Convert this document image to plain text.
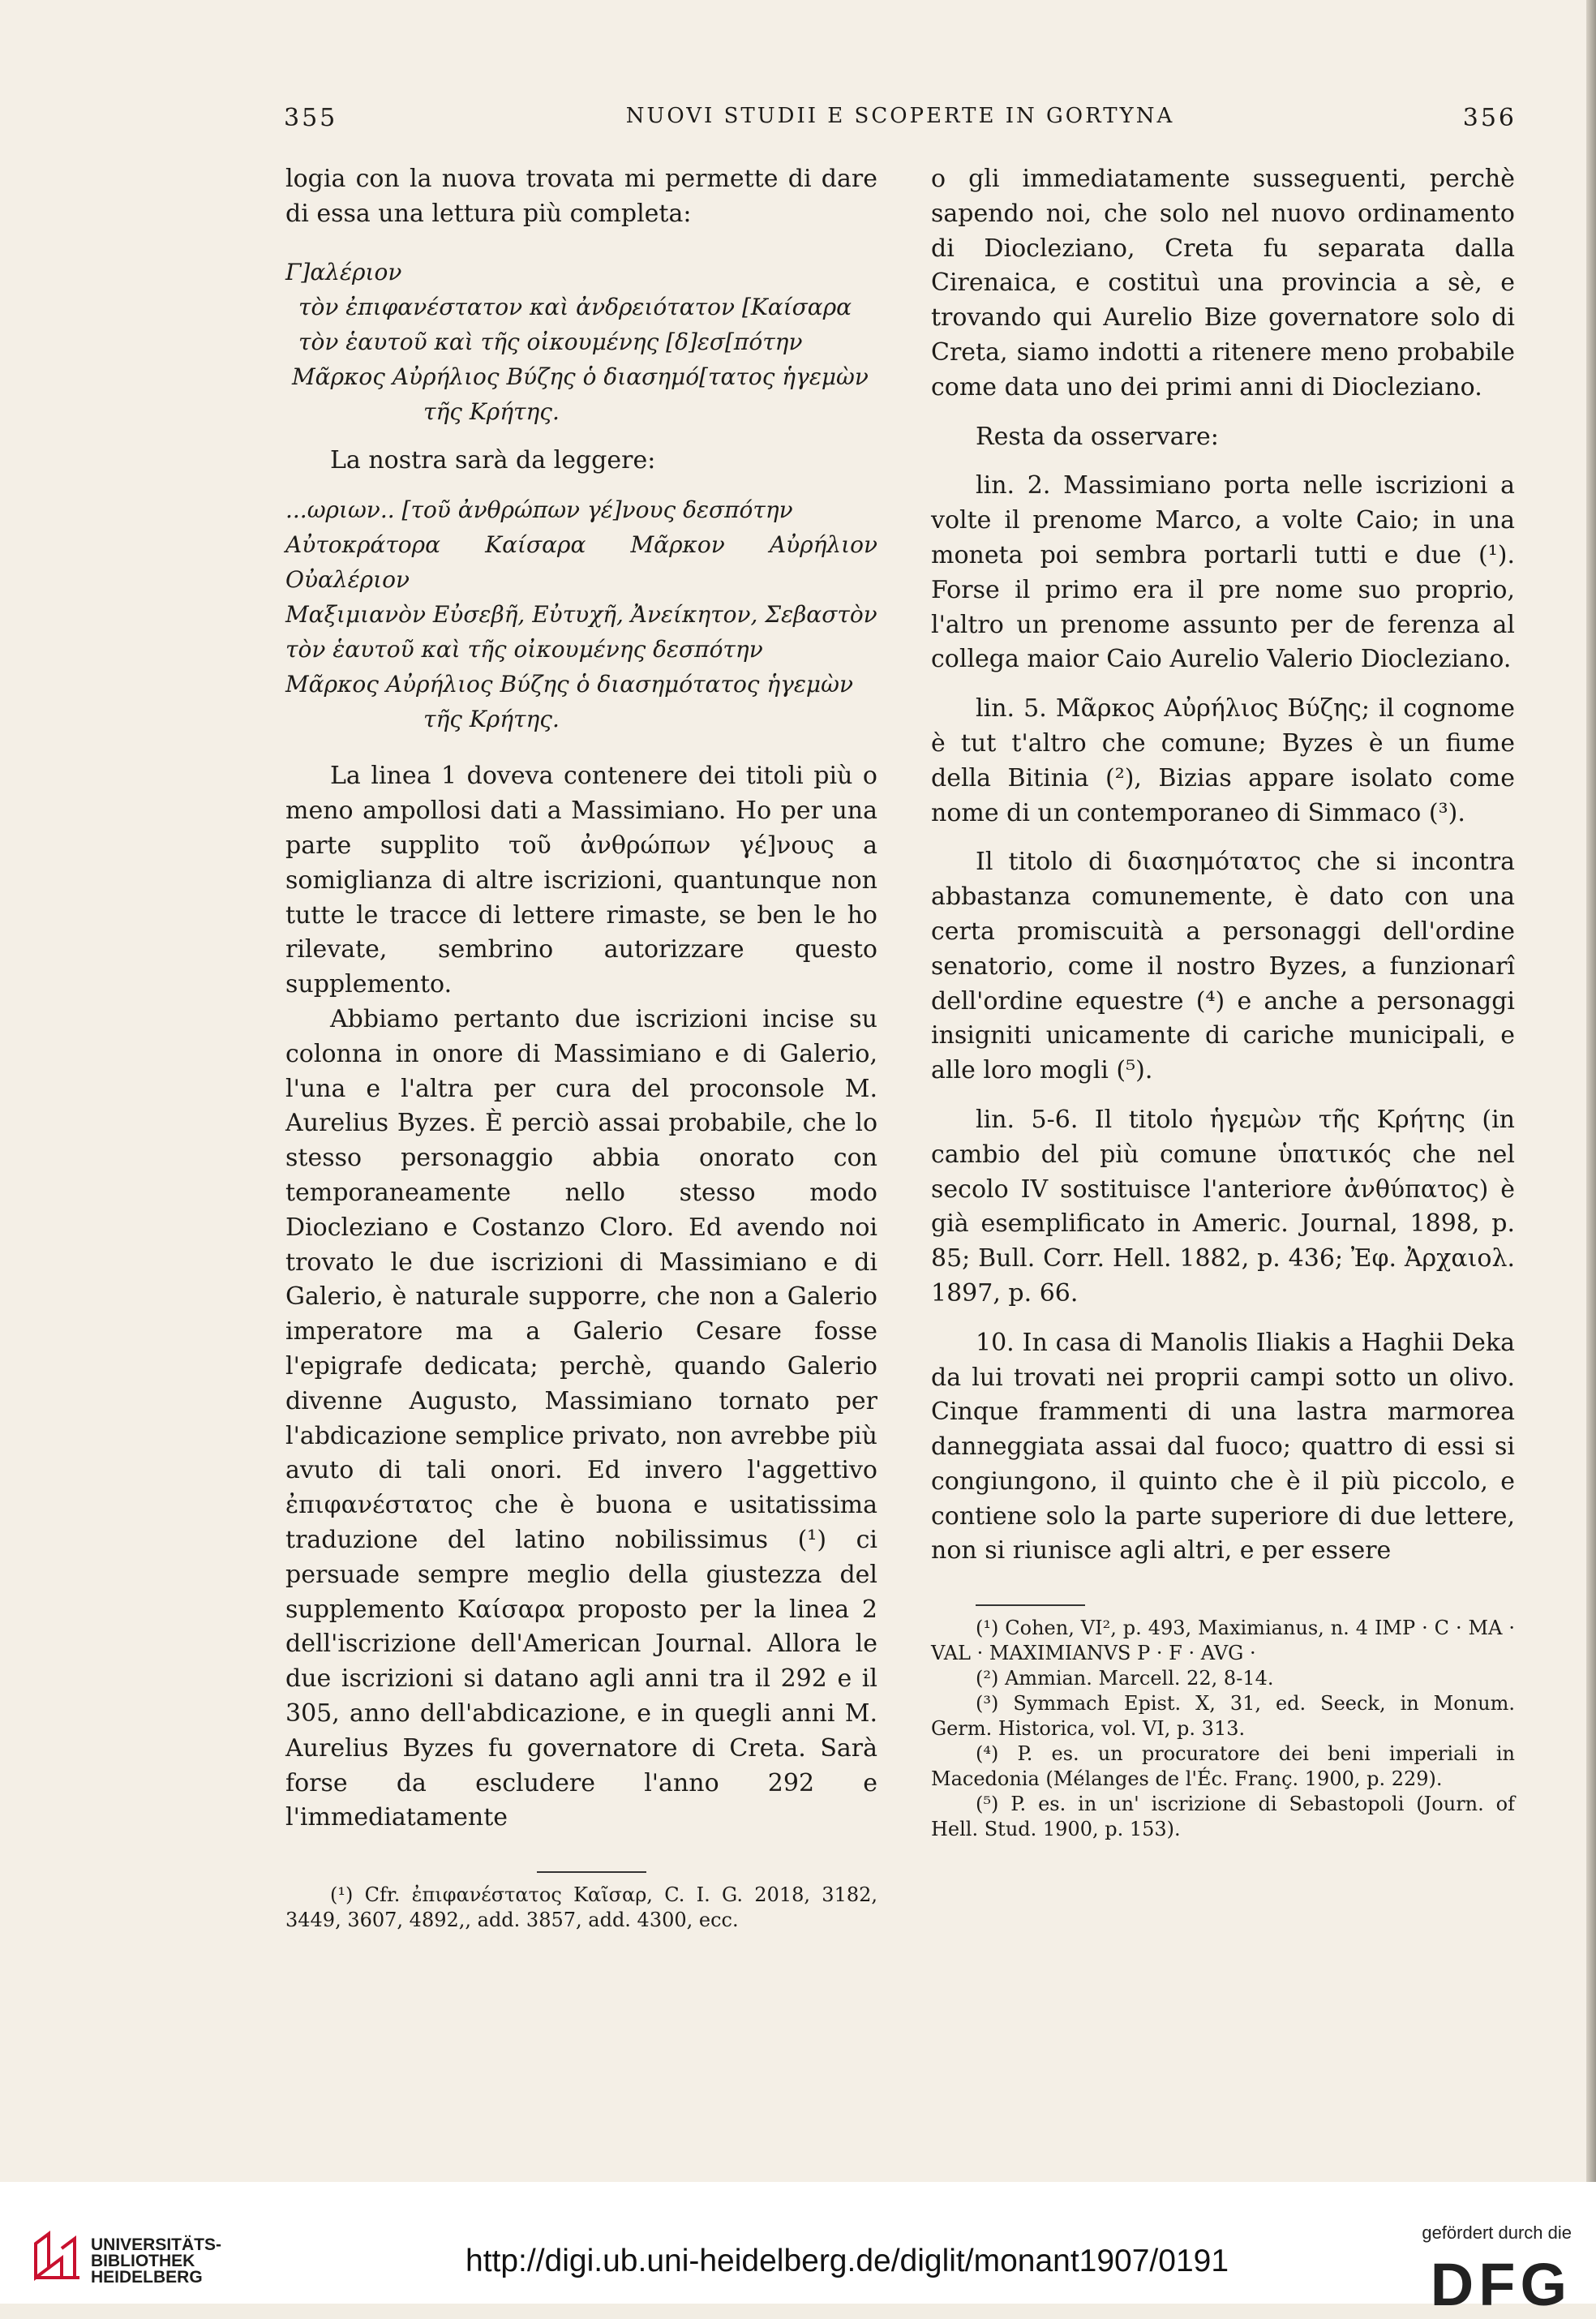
355	NUOVI STUDII E SCOPERTE IN GORTYNA	356

logia con la nuova trovata mi permette di dare di essa una lettura più completa:

Γ]αλέριον
τὸν ἐπιφανέστατον καὶ ἀνδρειότατον [Καίσαρα
τὸν ἑαυτοῦ καὶ τῆς οἰκουμένης [δ]εσ[πότην
Μᾶρκος Αὐρήλιος Βύζης ὁ διασημό[τατος ἡγεμὼν
τῆς Κρήτης.

La nostra sarà da leggere:

...ωριων.. [τοῦ ἀνθρώπων γέ]νους δεσπότην
Αὐτοκράτορα Καίσαρα Μᾶρκον Αὐρήλιον Οὐαλέριον
Μαξιμιανὸν Εὐσεβῆ, Εὐτυχῆ, Ἀνείκητον, Σεβαστὸν
τὸν ἑαυτοῦ καὶ τῆς οἰκουμένης δεσπότην
Μᾶρκος Αὐρήλιος Βύζης ὁ διασημότατος ἡγεμὼν
τῆς Κρήτης.

La linea 1 doveva contenere dei titoli più o meno ampollosi dati a Massimiano. Ho per una parte supplito τοῦ ἀνθρώπων γέ]νους a somiglianza di altre iscrizioni, quantunque non tutte le tracce di lettere rimaste, se ben le ho rilevate, sembrino autorizzare questo supplemento.

Abbiamo pertanto due iscrizioni incise su colonna in onore di Massimiano e di Galerio, l'una e l'altra per cura del proconsole M. Aurelius Byzes. È perciò assai probabile, che lo stesso personaggio abbia onorato con temporaneamente nello stesso modo Diocleziano e Costanzo Cloro. Ed avendo noi trovato le due iscrizioni di Massimiano e di Galerio, è naturale supporre, che non a Galerio imperatore ma a Galerio Cesare fosse l'epigrafe dedicata; perchè, quando Galerio divenne Augusto, Massimiano tornato per l'abdicazione semplice privato, non avrebbe più avuto di tali onori. Ed invero l'aggettivo ἐπιφανέστατος che è buona e usitatissima traduzione del latino nobilissimus (¹) ci persuade sempre meglio della giustezza del supplemento Καίσαρα proposto per la linea 2 dell'iscrizione dell'American Journal. Allora le due iscrizioni si datano agli anni tra il 292 e il 305, anno dell'abdicazione, e in quegli anni M. Aurelius Byzes fu governatore di Creta. Sarà forse da escludere l'anno 292 e l'immediatamente

(¹) Cfr. ἐπιφανέστατος Καῖσαρ, C. I. G. 2018, 3182, 3449, 3607, 4892,, add. 3857, add. 4300, ecc.

o gli immediatamente susseguenti, perchè sapendo noi, che solo nel nuovo ordinamento di Diocleziano, Creta fu separata dalla Cirenaica, e costituì una provincia a sè, e trovando qui Aurelio Bize governatore solo di Creta, siamo indotti a ritenere meno probabile come data uno dei primi anni di Diocleziano.

Resta da osservare:

lin. 2. Massimiano porta nelle iscrizioni a volte il prenome Marco, a volte Caio; in una moneta poi sembra portarli tutti e due (¹). Forse il primo era il pre nome suo proprio, l'altro un prenome assunto per de ferenza al collega maior Caio Aurelio Valerio Diocleziano.

lin. 5. Μᾶρκος Αὐρήλιος Βύζης; il cognome è tut t'altro che comune; Byzes è un fiume della Bitinia (²), Bizias appare isolato come nome di un contemporaneo di Simmaco (³).

Il titolo di διασημότατος che si incontra abbastanza comunemente, è dato con una certa promiscuità a personaggi dell'ordine senatorio, come il nostro Byzes, a funzionarî dell'ordine equestre (⁴) e anche a personaggi insigniti unicamente di cariche municipali, e alle loro mogli (⁵).

lin. 5-6. Il titolo ἡγεμὼν τῆς Κρήτης (in cambio del più comune ὑπατικός che nel secolo IV sostituisce l'anteriore ἀνθύπατος) è già esemplificato in Americ. Journal, 1898, p. 85; Bull. Corr. Hell. 1882, p. 436; Ἐφ. Ἀρχαιολ. 1897, p. 66.

10. In casa di Manolis Iliakis a Haghii Deka da lui trovati nei proprii campi sotto un olivo. Cinque frammenti di una lastra marmorea danneggiata assai dal fuoco; quattro di essi si congiungono, il quinto che è il più piccolo, e contiene solo la parte superiore di due lettere, non si riunisce agli altri, e per essere

(¹) Cohen, VI², p. 493, Maximianus, n. 4 IMP · C · MA · VAL · MAXIMIANVS P · F · AVG ·

(²) Ammian. Marcell. 22, 8-14.

(³) Symmach Epist. X, 31, ed. Seeck, in Monum. Germ. Historica, vol. VI, p. 313.

(⁴) P. es. un procuratore dei beni imperiali in Macedonia (Mélanges de l'Éc. Franç. 1900, p. 229).

(⁵) P. es. in un' iscrizione di Sebastopoli (Journ. of Hell. Stud. 1900, p. 153).

UNIVERSITÄTS-
BIBLIOTHEK
HEIDELBERG	http://digi.ub.uni-heidelberg.de/diglit/monant1907/0191
gefördert durch die
DFG
